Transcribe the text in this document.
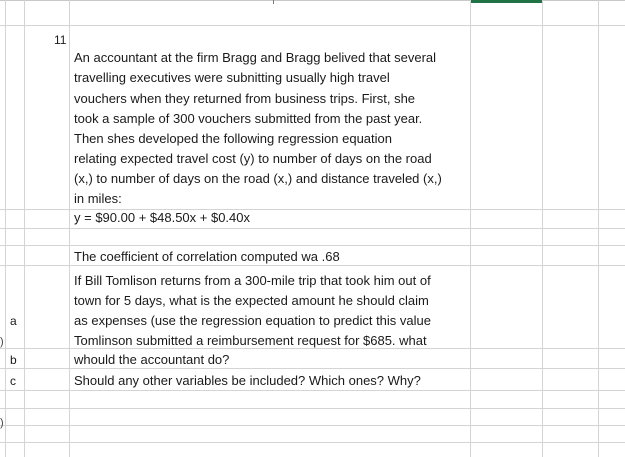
)
)
11
An accountant at the firm Bragg and Bragg belived that several
travelling executives were subnitting usually high travel
vouchers when they returned from business trips. First, she
took a sample of 300 vouchers submitted from the past year.
Then shes developed the following regression equation
relating expected travel cost (y) to number of days on the road
(x,) to number of days on the road (x,) and distance traveled (x,)
in miles:
y = $90.00 + $48.50x + $0.40x
The coefficient of correlation computed wa .68
If Bill Tomlison returns from a 300-mile trip that took him out of
town for 5 days, what is the expected amount he should claim
as expenses (use the regression equation to predict this value
Tomlinson submitted a reimbursement request for $685. what
whould the accountant do?
Should any other variables be included? Which ones? Why?
a
b
c
